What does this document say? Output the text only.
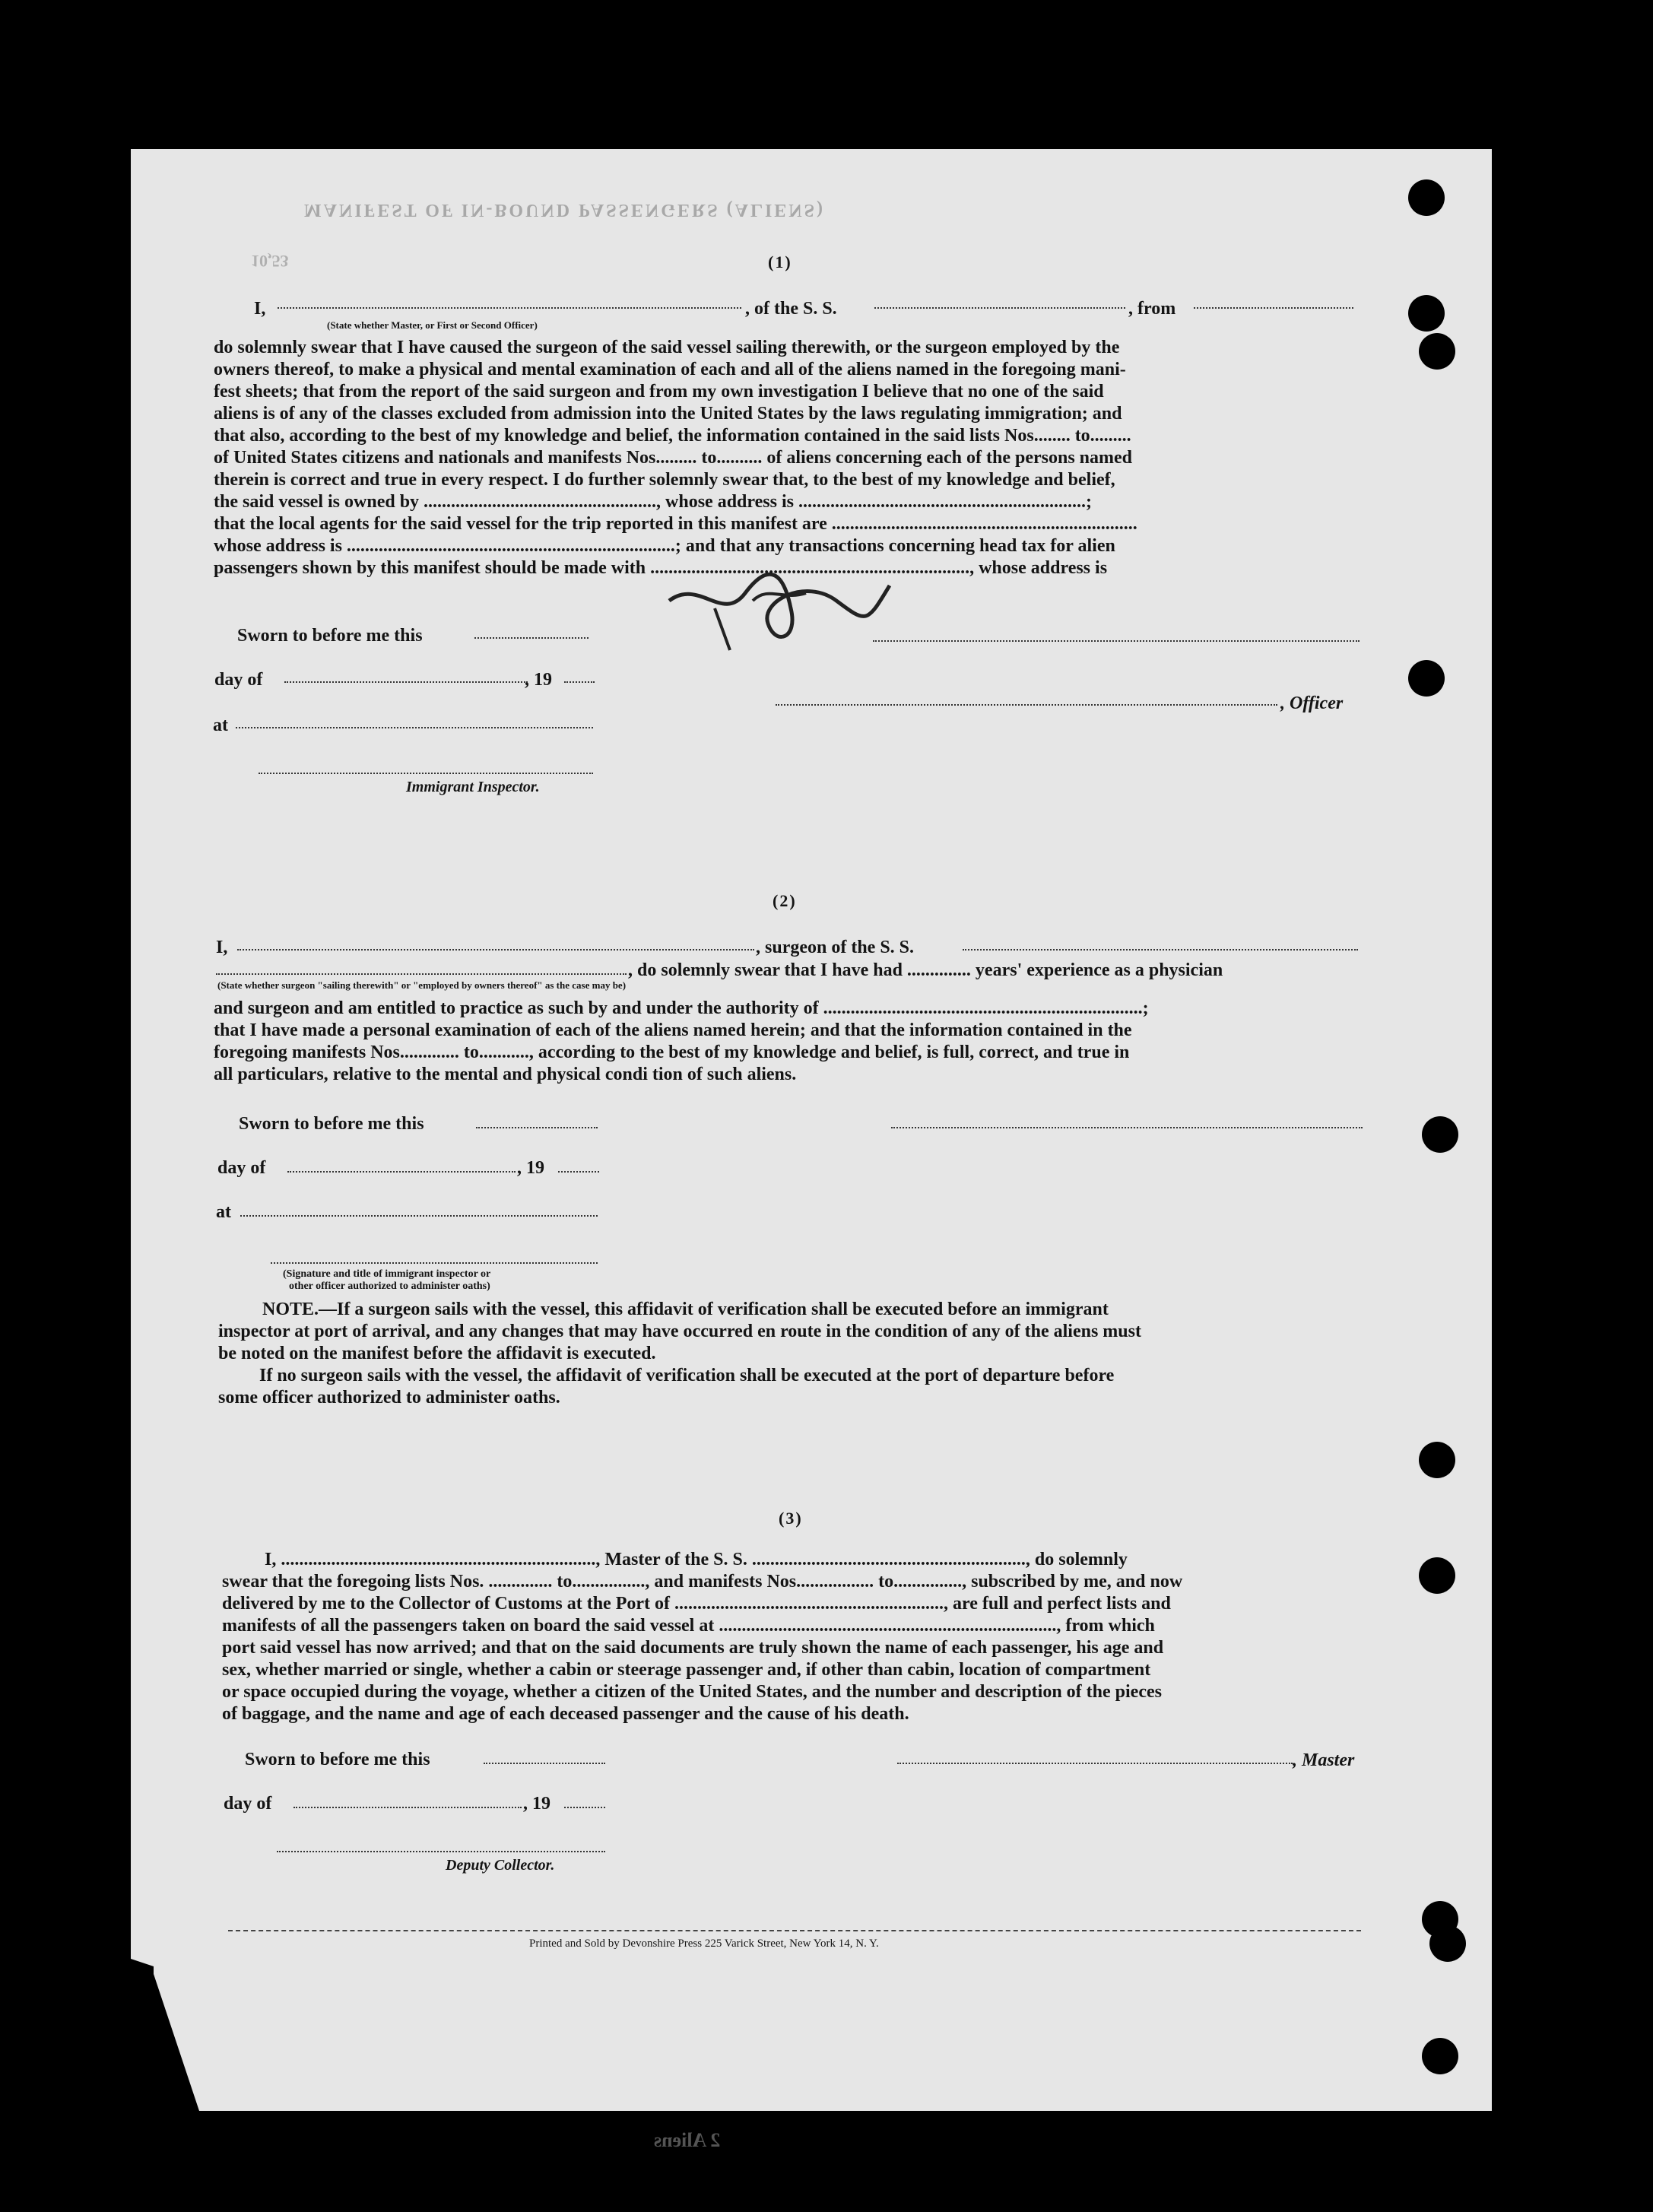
MANIFEST OF IN-BOUND PASSENGERS (ALIENS)
10,53
2 Aliens
(1)
I,	, of the S. S.	, from
(State whether Master, or First or Second Officer)
do solemnly swear that I have caused the surgeon of the said vessel sailing therewith, or the surgeon employed by the
owners thereof, to make a physical and mental examination of each and all of the aliens named in the foregoing mani-
fest sheets; that from the report of the said surgeon and from my own investigation I believe that no one of the said
aliens is of any of the classes excluded from admission into the United States by the laws regulating immigration; and
that also, according to the best of my knowledge and belief, the information contained in the said lists Nos........ to.........
of United States citizens and nationals and manifests Nos......... to.......... of aliens concerning each of the persons named
therein is correct and true in every respect. I do further solemnly swear that, to the best of my knowledge and belief,
the said vessel is owned by ..................................................., whose address is ...............................................................;
that the local agents for the said vessel for the trip reported in this manifest are ...................................................................
whose address is ........................................................................; and that any transactions concerning head tax for alien
passengers shown by this manifest should be made with ......................................................................, whose address is
Sworn to before me this
day of	, 19
, Officer
at
Immigrant Inspector.
(2)
I,	, surgeon of the S. S.
, do solemnly swear that I have had .............. years' experience as a physician
(State whether surgeon "sailing therewith" or "employed by owners thereof" as the case may be)
and surgeon and am entitled to practice as such by and under the authority of ......................................................................;
that I have made a personal examination of each of the aliens named herein; and that the information contained in the
foregoing manifests Nos............. to..........., according to the best of my knowledge and belief, is full, correct, and true in
all particulars, relative to the mental and physical condi tion of such aliens.
Sworn to before me this
day of	, 19
at
(Signature and title of immigrant inspector or
other officer authorized to administer oaths)
NOTE.—If a surgeon sails with the vessel, this affidavit of verification shall be executed before an immigrant
inspector at port of arrival, and any changes that may have occurred en route in the condition of any of the aliens must
be noted on the manifest before the affidavit is executed.
If no surgeon sails with the vessel, the affidavit of verification shall be executed at the port of departure before
some officer authorized to administer oaths.
(3)
I, ....................................................................., Master of the S. S. ............................................................, do solemnly
swear that the foregoing lists Nos. .............. to................, and manifests Nos................. to..............., subscribed by me, and now
delivered by me to the Collector of Customs at the Port of ..........................................................., are full and perfect lists and
manifests of all the passengers taken on board the said vessel at .........................................................................., from which
port said vessel has now arrived; and that on the said documents are truly shown the name of each passenger, his age and
sex, whether married or single, whether a cabin or steerage passenger and, if other than cabin, location of compartment
or space occupied during the voyage, whether a citizen of the United States, and the number and description of the pieces
of baggage, and the name and age of each deceased passenger and the cause of his death.
Sworn to before me this	, Master
day of	, 19
Deputy Collector.
Printed and Sold by Devonshire Press 225 Varick Street, New York 14, N. Y.
